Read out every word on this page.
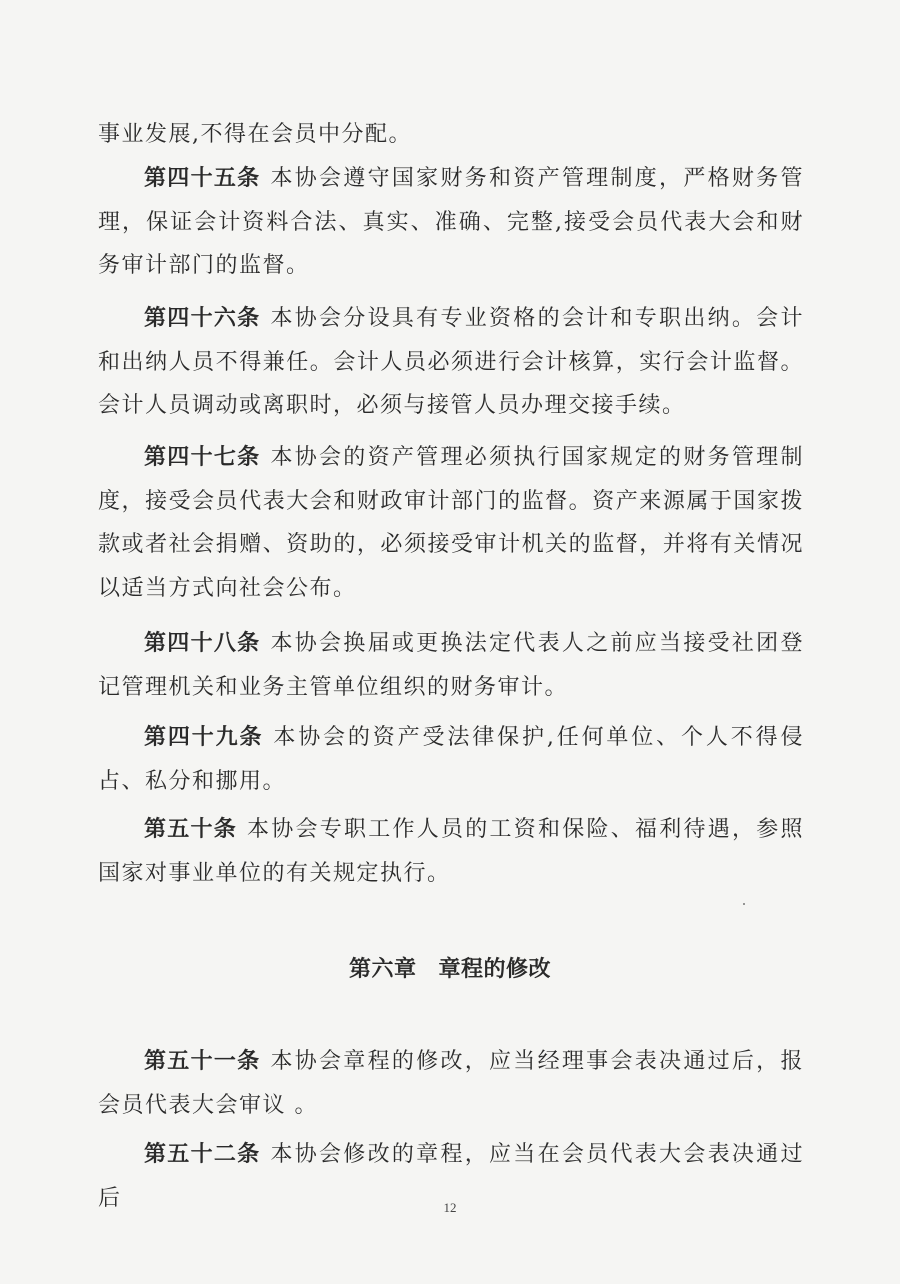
事业发展,不得在会员中分配。

第四十五条 本协会遵守国家财务和资产管理制度，严格财务管理，保证会计资料合法、真实、准确、完整,接受会员代表大会和财务审计部门的监督。

第四十六条 本协会分设具有专业资格的会计和专职出纳。会计和出纳人员不得兼任。会计人员必须进行会计核算，实行会计监督。会计人员调动或离职时，必须与接管人员办理交接手续。

第四十七条 本协会的资产管理必须执行国家规定的财务管理制度，接受会员代表大会和财政审计部门的监督。资产来源属于国家拨款或者社会捐赠、资助的，必须接受审计机关的监督，并将有关情况以适当方式向社会公布。

第四十八条 本协会换届或更换法定代表人之前应当接受社团登记管理机关和业务主管单位组织的财务审计。

第四十九条 本协会的资产受法律保护,任何单位、个人不得侵占、私分和挪用。

第五十条 本协会专职工作人员的工资和保险、福利待遇，参照国家对事业单位的有关规定执行。

第六章 章程的修改

第五十一条 本协会章程的修改，应当经理事会表决通过后，报会员代表大会审议 。

第五十二条 本协会修改的章程，应当在会员代表大会表决通过后	12
